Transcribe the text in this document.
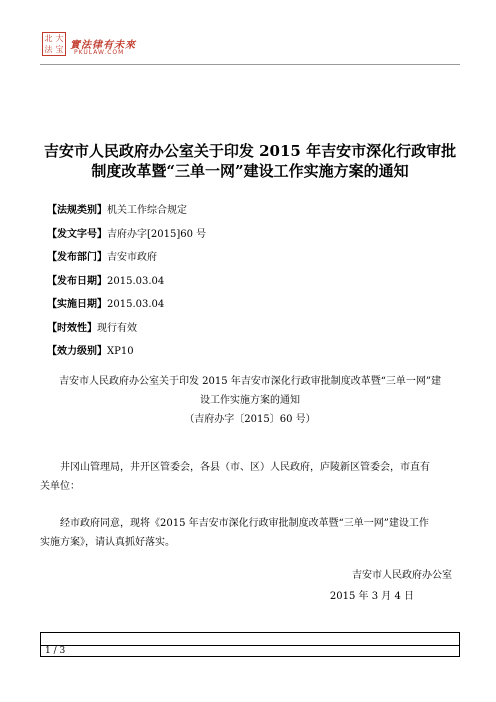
北 大
法 宝 實法律有未來
PKULAW.COM
吉安市人民政府办公室关于印发 2015 年吉安市深化行政审批
制度改革暨“三单一网”建设工作实施方案的通知
【法规类别】机关工作综合规定
【发文字号】吉府办字[2015]60 号
【发布部门】吉安市政府
【发布日期】2015.03.04
【实施日期】2015.03.04
【时效性】现行有效
【效力级别】XP10
吉安市人民政府办公室关于印发 2015 年吉安市深化行政审批制度改革暨“三单一网”建
设工作实施方案的通知
（吉府办字〔2015〕60 号）
井冈山管理局，井开区管委会，各县（市、区）人民政府，庐陵新区管委会，市直有
关单位：
经市政府同意，现将《2015 年吉安市深化行政审批制度改革暨“三单一网”建设工作
实施方案》，请认真抓好落实。
吉安市人民政府办公室
2015 年 3 月 4 日
1 / 3
